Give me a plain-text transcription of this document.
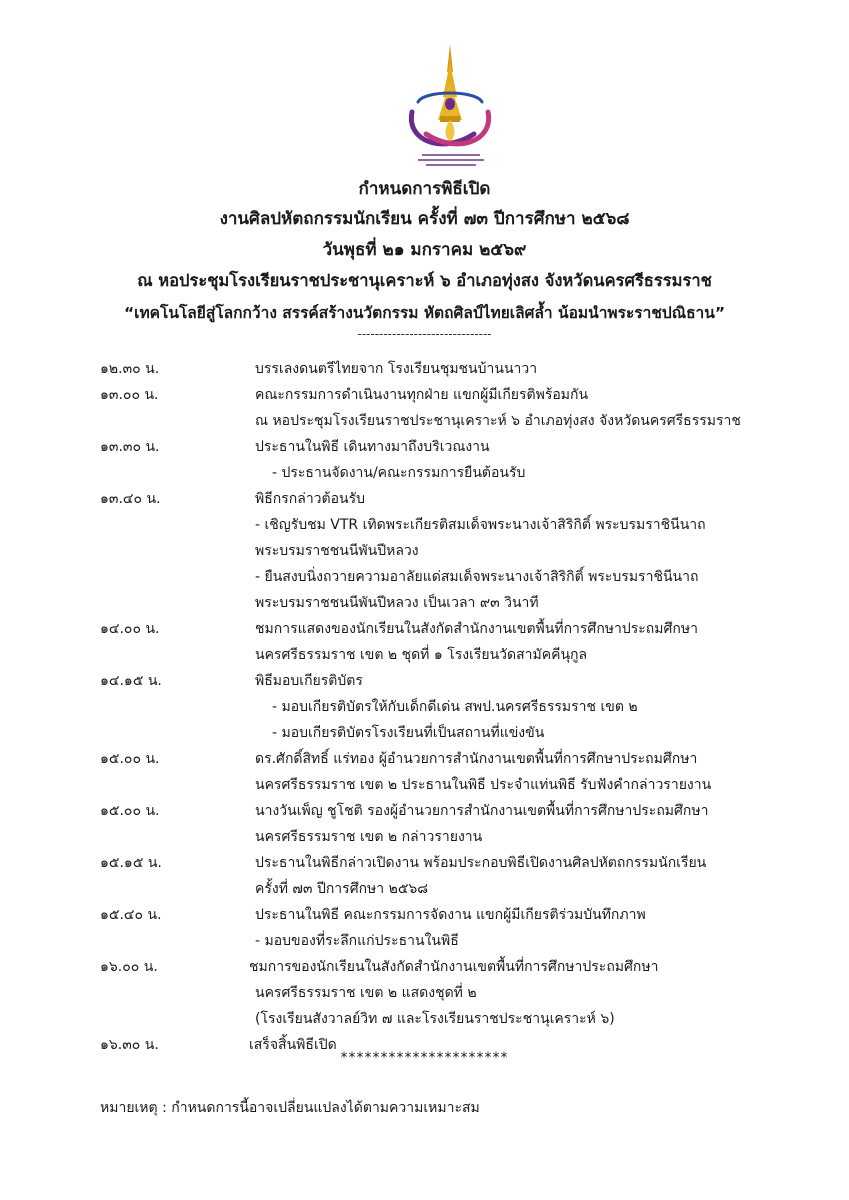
กำหนดการพิธีเปิด
งานศิลปหัตถกรรมนักเรียน ครั้งที่ ๗๓ ปีการศึกษา ๒๕๖๘
วันพุธที่ ๒๑ มกราคม ๒๕๖๙
ณ หอประชุมโรงเรียนราชประชานุเคราะห์ ๖ อำเภอทุ่งสง จังหวัดนครศรีธรรมราช
“เทคโนโลยีสู่โลกกว้าง สรรค์สร้างนวัตกรรม หัตถศิลป์ไทยเลิศล้ำ น้อมนำพระราชปณิธาน”
-------------------------------
๑๒.๓๐ น.	บรรเลงดนตรีไทยจาก โรงเรียนชุมชนบ้านนาวา
๑๓.๐๐ น.	คณะกรรมการดำเนินงานทุกฝ่าย แขกผู้มีเกียรติพร้อมกัน
ณ หอประชุมโรงเรียนราชประชานุเคราะห์ ๖ อำเภอทุ่งสง จังหวัดนครศรีธรรมราช
๑๓.๓๐ น.	ประธานในพิธี เดินทางมาถึงบริเวณงาน
- ประธานจัดงาน/คณะกรรมการยืนต้อนรับ
๑๓.๔๐ น.	พิธีกรกล่าวต้อนรับ
- เชิญรับชม VTR เทิดพระเกียรติสมเด็จพระนางเจ้าสิริกิติ์ พระบรมราชินีนาถ
พระบรมราชชนนีพันปีหลวง
- ยืนสงบนิ่งถวายความอาลัยแด่สมเด็จพระนางเจ้าสิริกิติ์ พระบรมราชินีนาถ
พระบรมราชชนนีพันปีหลวง เป็นเวลา ๙๓ วินาที
๑๔.๐๐ น.	ชมการแสดงของนักเรียนในสังกัดสำนักงานเขตพื้นที่การศึกษาประถมศึกษา
นครศรีธรรมราช เขต ๒ ชุดที่ ๑ โรงเรียนวัดสามัคคีนุกูล
๑๔.๑๕ น.	พิธีมอบเกียรติบัตร
- มอบเกียรติบัตรให้กับเด็กดีเด่น สพป.นครศรีธรรมราช เขต ๒
- มอบเกียรติบัตรโรงเรียนที่เป็นสถานที่แข่งขัน
๑๕.๐๐ น.	ดร.ศักดิ์สิทธิ์ แร่ทอง ผู้อำนวยการสำนักงานเขตพื้นที่การศึกษาประถมศึกษา
นครศรีธรรมราช เขต ๒ ประธานในพิธี ประจำแท่นพิธี รับฟังคำกล่าวรายงาน
๑๕.๐๐ น.	นางวันเพ็ญ ชูโชติ รองผู้อำนวยการสำนักงานเขตพื้นที่การศึกษาประถมศึกษา
นครศรีธรรมราช เขต ๒ กล่าวรายงาน
๑๕.๑๕ น.	ประธานในพิธีกล่าวเปิดงาน พร้อมประกอบพิธีเปิดงานศิลปหัตถกรรมนักเรียน
ครั้งที่ ๗๓ ปีการศึกษา ๒๕๖๘
๑๕.๔๐ น.	ประธานในพิธี คณะกรรมการจัดงาน แขกผู้มีเกียรติร่วมบันทึกภาพ
- มอบของที่ระลึกแก่ประธานในพิธี
๑๖.๐๐ น.	ชมการของนักเรียนในสังกัดสำนักงานเขตพื้นที่การศึกษาประถมศึกษา
นครศรีธรรมราช เขต ๒ แสดงชุดที่ ๒
(โรงเรียนสังวาลย์วิท ๗ และโรงเรียนราชประชานุเคราะห์ ๖)
๑๖.๓๐ น.	เสร็จสิ้นพิธีเปิด
*********************
หมายเหตุ : กำหนดการนี้อาจเปลี่ยนแปลงได้ตามความเหมาะสม
